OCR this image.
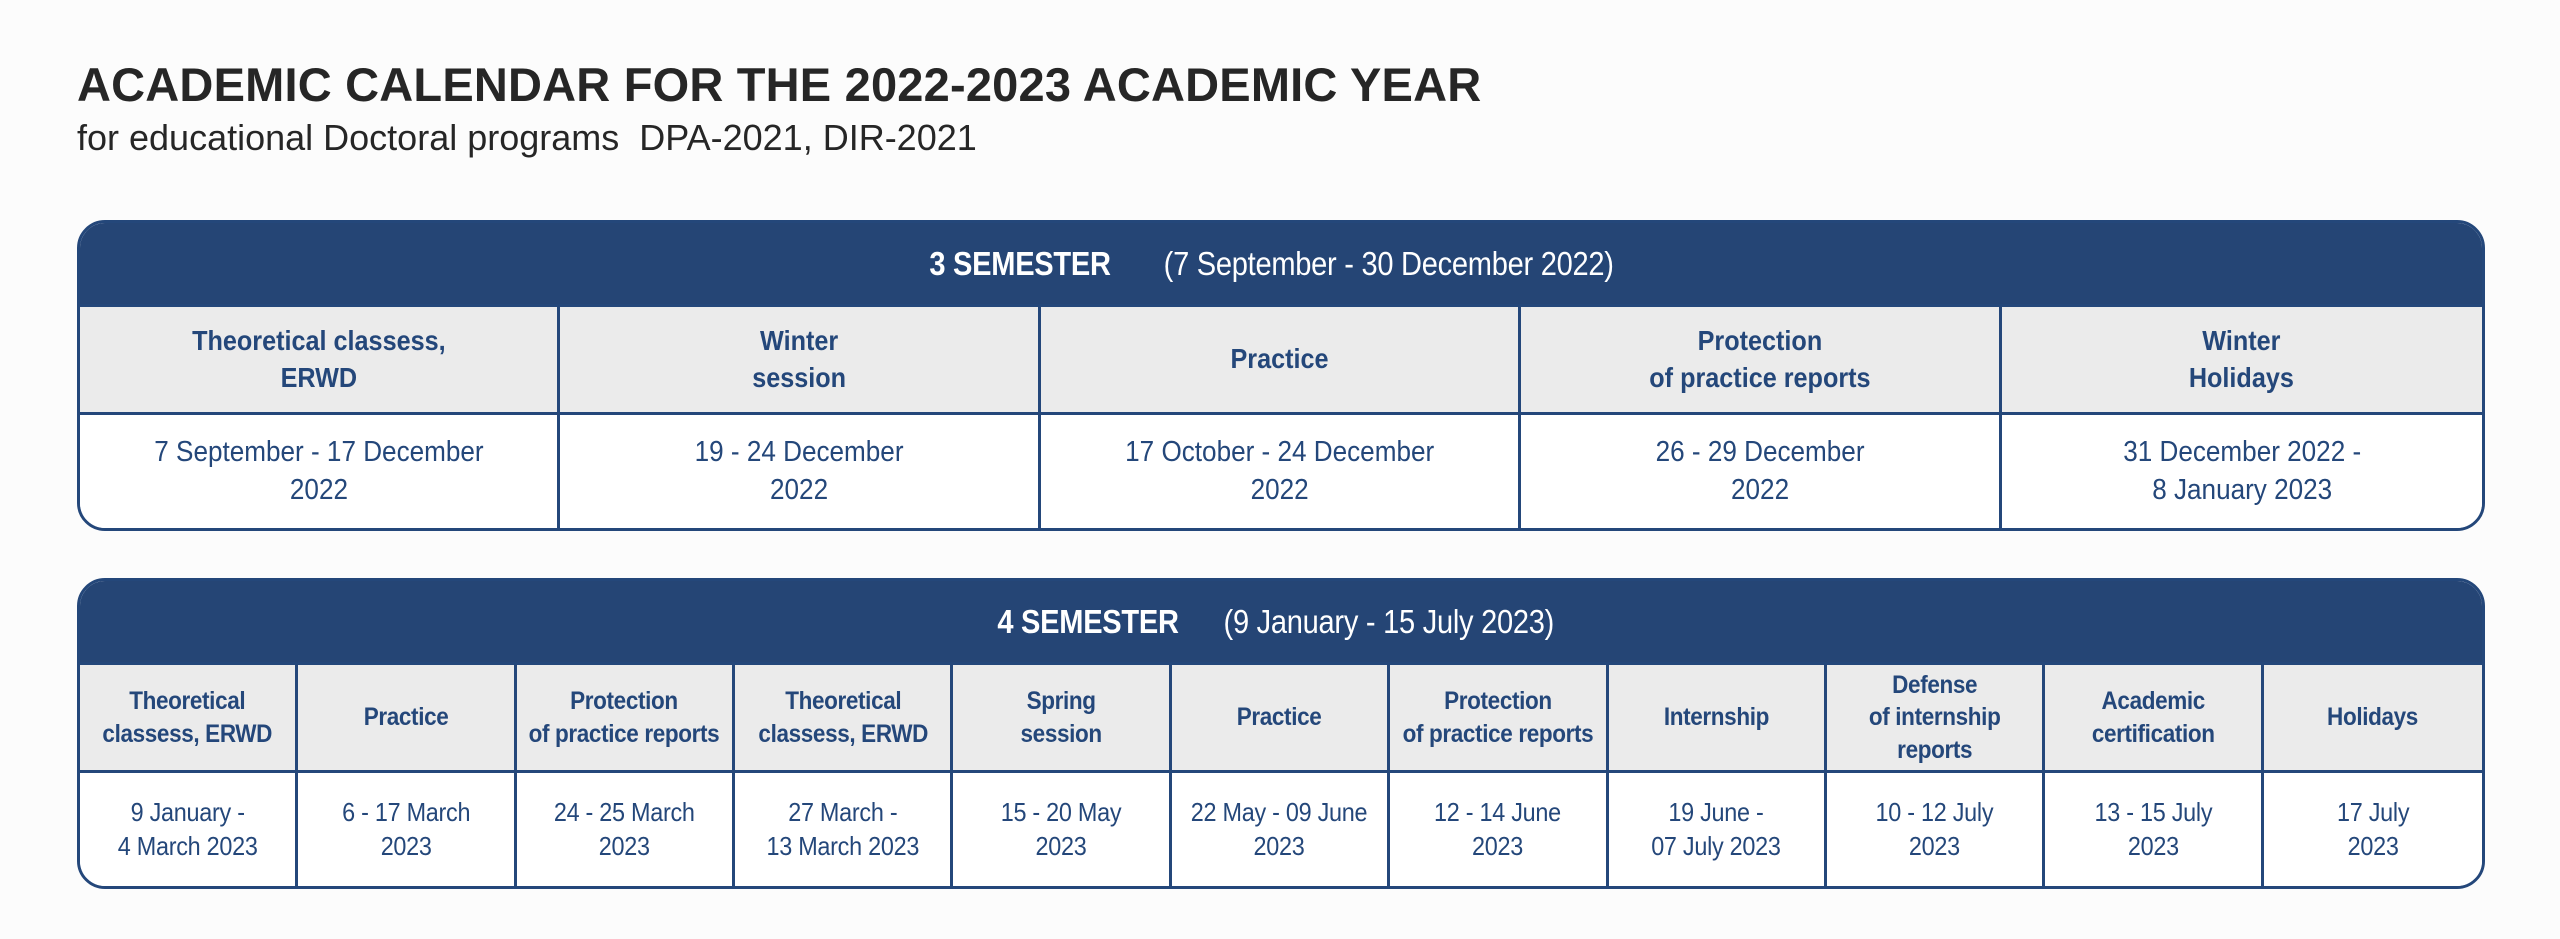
ACADEMIC CALENDAR FOR THE 2022-2023 ACADEMIC YEAR
for educational Doctoral programs  DPA-2021, DIR-2021
3 SEMESTER (7 September - 30 December 2022)
Theoretical classess,
ERWD
Winter
session
Practice
Protection
of practice reports
Winter
Holidays
7 September - 17 December
2022
19 - 24 December
2022
17 October - 24 December
2022
26 - 29 December
2022
31 December 2022 -
8 January 2023
4 SEMESTER (9 January - 15 July 2023)
Theoretical
classess, ERWD
Practice
Protection
of practice reports
Theoretical
classess, ERWD
Spring
session
Practice
Protection
of practice reports
Internship
Defense
of internship reports
Academic
certification
Holidays
9 January -
4 March 2023
6 - 17 March
2023
24 - 25 March
2023
27 March -
13 March 2023
15 - 20 May
2023
22 May - 09 June
2023
12 - 14 June
2023
19 June -
07 July 2023
10 - 12 July
2023
13 - 15 July
2023
17 July
2023
